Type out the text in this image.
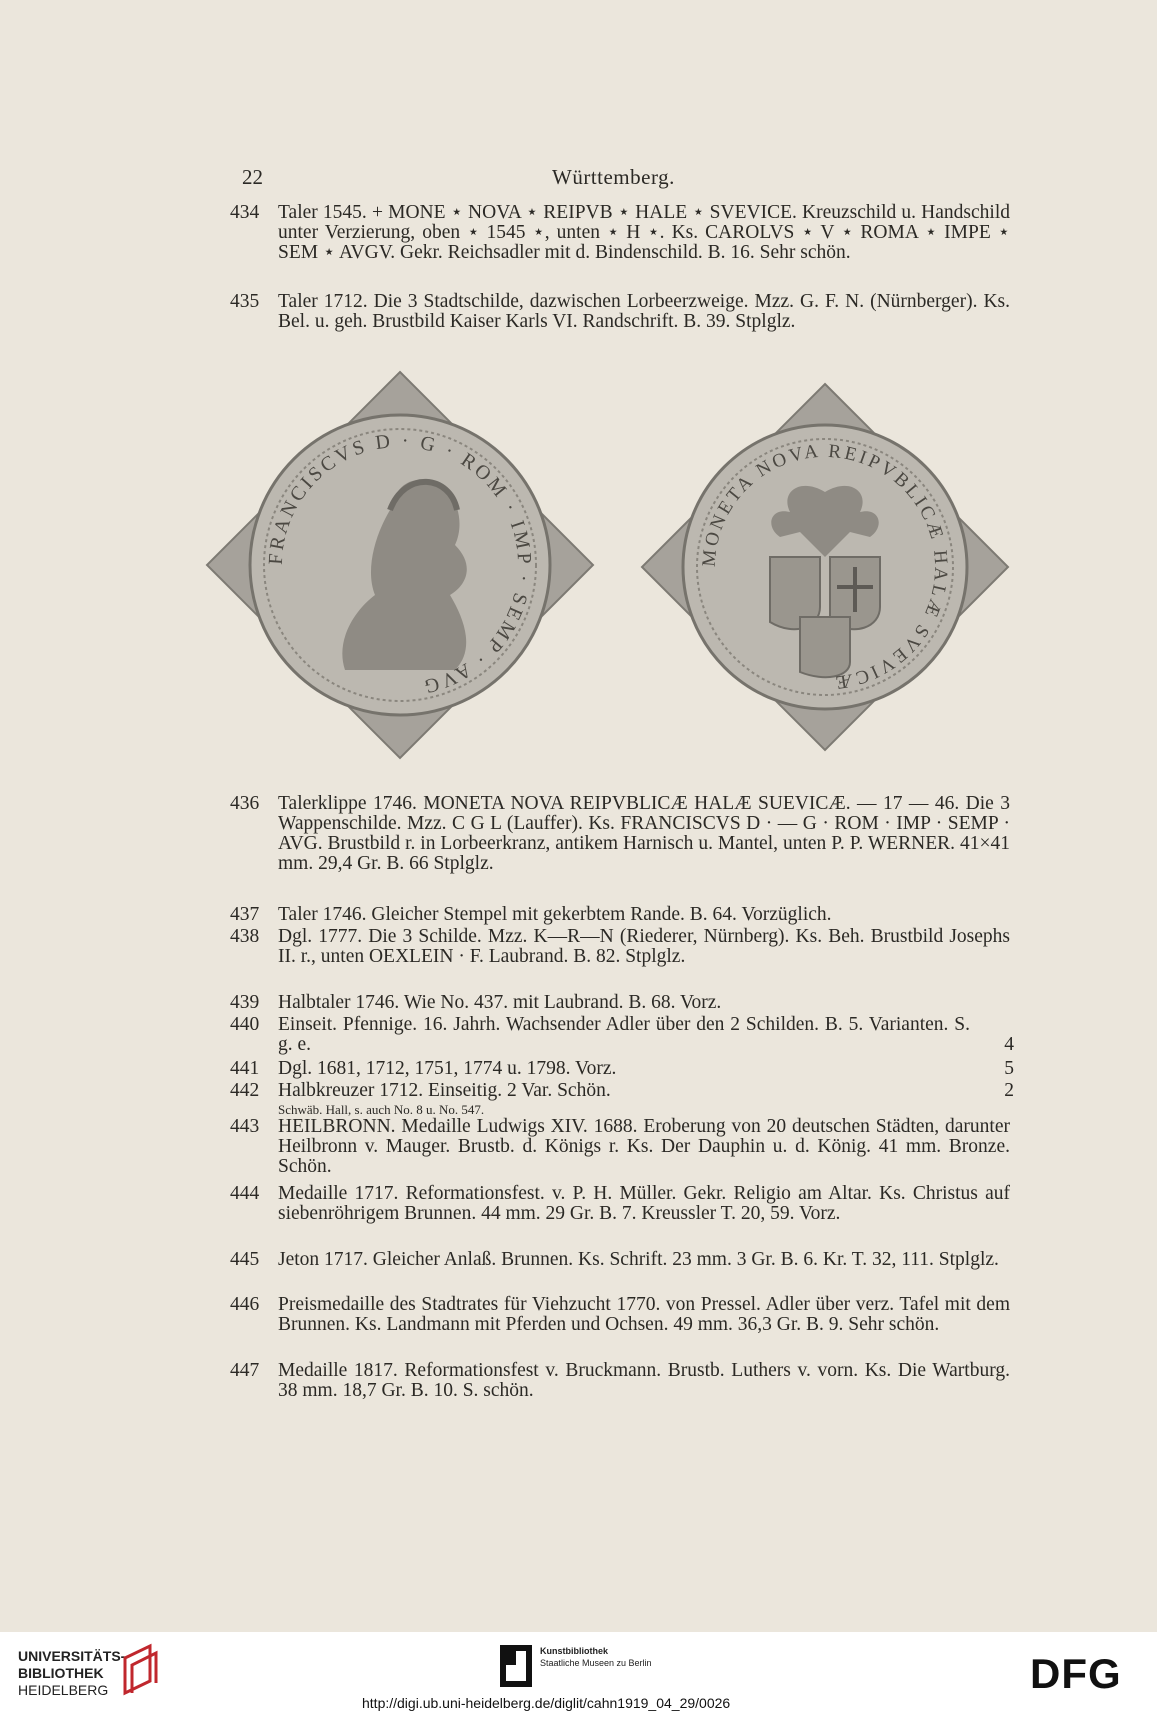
22	Württemberg.
434 Taler 1545. + MONE ⋆ NOVA ⋆ REIPVB ⋆ HALE ⋆ SVEVICE. Kreuzschild u. Handschild unter Verzierung, oben ⋆ 1545 ⋆, unten ⋆ H ⋆. Ks. CAROLVS ⋆ V ⋆ ROMA ⋆ IMPE ⋆ SEM ⋆ AVGV. Gekr. Reichsadler mit d. Bindenschild. B. 16. Sehr schön.
435 Taler 1712. Die 3 Stadtschilde, dazwischen Lorbeerzweige. Mzz. G. F. N. (Nürnberger). Ks. Bel. u. geh. Brustbild Kaiser Karls VI. Randschrift. B. 39. Stplglz.
FRANCISCVS D · G · ROM · IMP · SEMP · AVG
MONETA NOVA REIPVBLICÆ HALÆ SVEVICÆ
436 Talerklippe 1746. MONETA NOVA REIPVBLICÆ HALÆ SUEVICÆ. — 17 — 46. Die 3 Wappenschilde. Mzz. C G L (Lauffer). Ks. FRANCISCVS D · — G · ROM · IMP · SEMP · AVG. Brustbild r. in Lorbeerkranz, antikem Harnisch u. Mantel, unten P. P. WERNER. 41×41 mm. 29,4 Gr. B. 66 Stplglz.
437 Taler 1746. Gleicher Stempel mit gekerbtem Rande. B. 64. Vorzüglich.
438 Dgl. 1777. Die 3 Schilde. Mzz. K—R—N (Riederer, Nürnberg). Ks. Beh. Brustbild Josephs II. r., unten OEXLEIN · F. Laubrand. B. 82. Stplglz.
439 Halbtaler 1746. Wie No. 437. mit Laubrand. B. 68. Vorz.
440 Einseit. Pfennige. 16. Jahrh. Wachsender Adler über den 2 Schilden. B. 5. Varianten. S. g. e.	4
441 Dgl. 1681, 1712, 1751, 1774 u. 1798. Vorz.	5
442 Halbkreuzer 1712. Einseitig. 2 Var. Schön.	2
Schwäb. Hall, s. auch No. 8 u. No. 547.
443 HEILBRONN. Medaille Ludwigs XIV. 1688. Eroberung von 20 deutschen Städten, darunter Heilbronn v. Mauger. Brustb. d. Königs r. Ks. Der Dauphin u. d. König. 41 mm. Bronze. Schön.
444 Medaille 1717. Reformationsfest. v. P. H. Müller. Gekr. Religio am Altar. Ks. Christus auf siebenröhrigem Brunnen. 44 mm. 29 Gr. B. 7. Kreussler T. 20, 59. Vorz.
445 Jeton 1717. Gleicher Anlaß. Brunnen. Ks. Schrift. 23 mm. 3 Gr. B. 6. Kr. T. 32, 111. Stplglz.
446 Preismedaille des Stadtrates für Viehzucht 1770. von Pressel. Adler über verz. Tafel mit dem Brunnen. Ks. Landmann mit Pferden und Ochsen. 49 mm. 36,3 Gr. B. 9. Sehr schön.
447 Medaille 1817. Reformationsfest v. Bruckmann. Brustb. Luthers v. vorn. Ks. Die Wartburg. 38 mm. 18,7 Gr. B. 10. S. schön.
UNIVERSITÄTS-
BIBLIOTHEK
HEIDELBERG
Kunstbibliothek
Staatliche Museen zu Berlin	DFG
http://digi.ub.uni-heidelberg.de/diglit/cahn1919_04_29/0026
